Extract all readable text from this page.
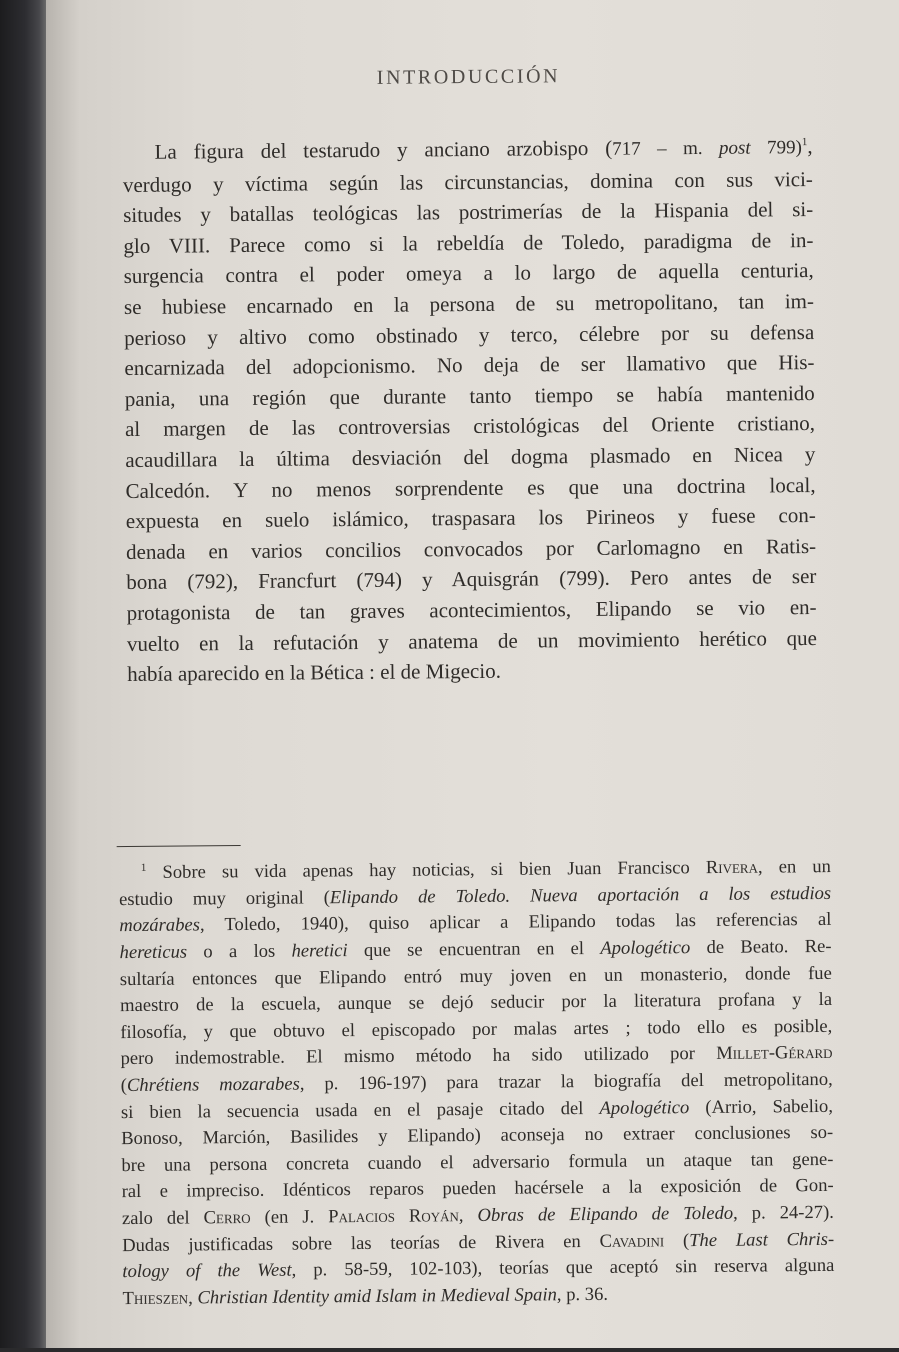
INTRODUCCIÓN
La figura del testarudo y anciano arzobispo (717 – m. post 799)$^1$,
verdugo y víctima según las circunstancias, domina con sus vici-
situdes y batallas teológicas las postrimerías de la Hispania del si-
glo VIII. Parece como si la rebeldía de Toledo, paradigma de in-
surgencia contra el poder omeya a lo largo de aquella centuria,
se hubiese encarnado en la persona de su metropolitano, tan im-
perioso y altivo como obstinado y terco, célebre por su defensa
encarnizada del adopcionismo. No deja de ser llamativo que His-
pania, una región que durante tanto tiempo se había mantenido
al margen de las controversias cristológicas del Oriente cristiano,
acaudillara la última desviación del dogma plasmado en Nicea y
Calcedón. Y no menos sorprendente es que una doctrina local,
expuesta en suelo islámico, traspasara los Pirineos y fuese con-
denada en varios concilios convocados por Carlomagno en Ratis-
bona (792), Francfurt (794) y Aquisgrán (799). Pero antes de ser
protagonista de tan graves acontecimientos, Elipando se vio en-
vuelto en la refutación y anatema de un movimiento herético que
había aparecido en la Bética : el de Migecio.
$^1$ Sobre su vida apenas hay noticias, si bien Juan Francisco Rivera, en un
estudio muy original (Elipando de Toledo. Nueva aportación a los estudios
mozárabes, Toledo, 1940), quiso aplicar a Elipando todas las referencias al
hereticus o a los heretici que se encuentran en el Apologético de Beato. Re-
sultaría entonces que Elipando entró muy joven en un monasterio, donde fue
maestro de la escuela, aunque se dejó seducir por la literatura profana y la
filosofía, y que obtuvo el episcopado por malas artes ; todo ello es posible,
pero indemostrable. El mismo método ha sido utilizado por Millet-Gérard
(Chrétiens mozarabes, p. 196-197) para trazar la biografía del metropolitano,
si bien la secuencia usada en el pasaje citado del Apologético (Arrio, Sabelio,
Bonoso, Marción, Basilides y Elipando) aconseja no extraer conclusiones so-
bre una persona concreta cuando el adversario formula un ataque tan gene-
ral e impreciso. Idénticos reparos pueden hacérsele a la exposición de Gon-
zalo del Cerro (en J. Palacios Royán, Obras de Elipando de Toledo, p. 24-27).
Dudas justificadas sobre las teorías de Rivera en Cavadini (The Last Chris-
tology of the West, p. 58-59, 102-103), teorías que aceptó sin reserva alguna
Thieszen, Christian Identity amid Islam in Medieval Spain, p. 36.
